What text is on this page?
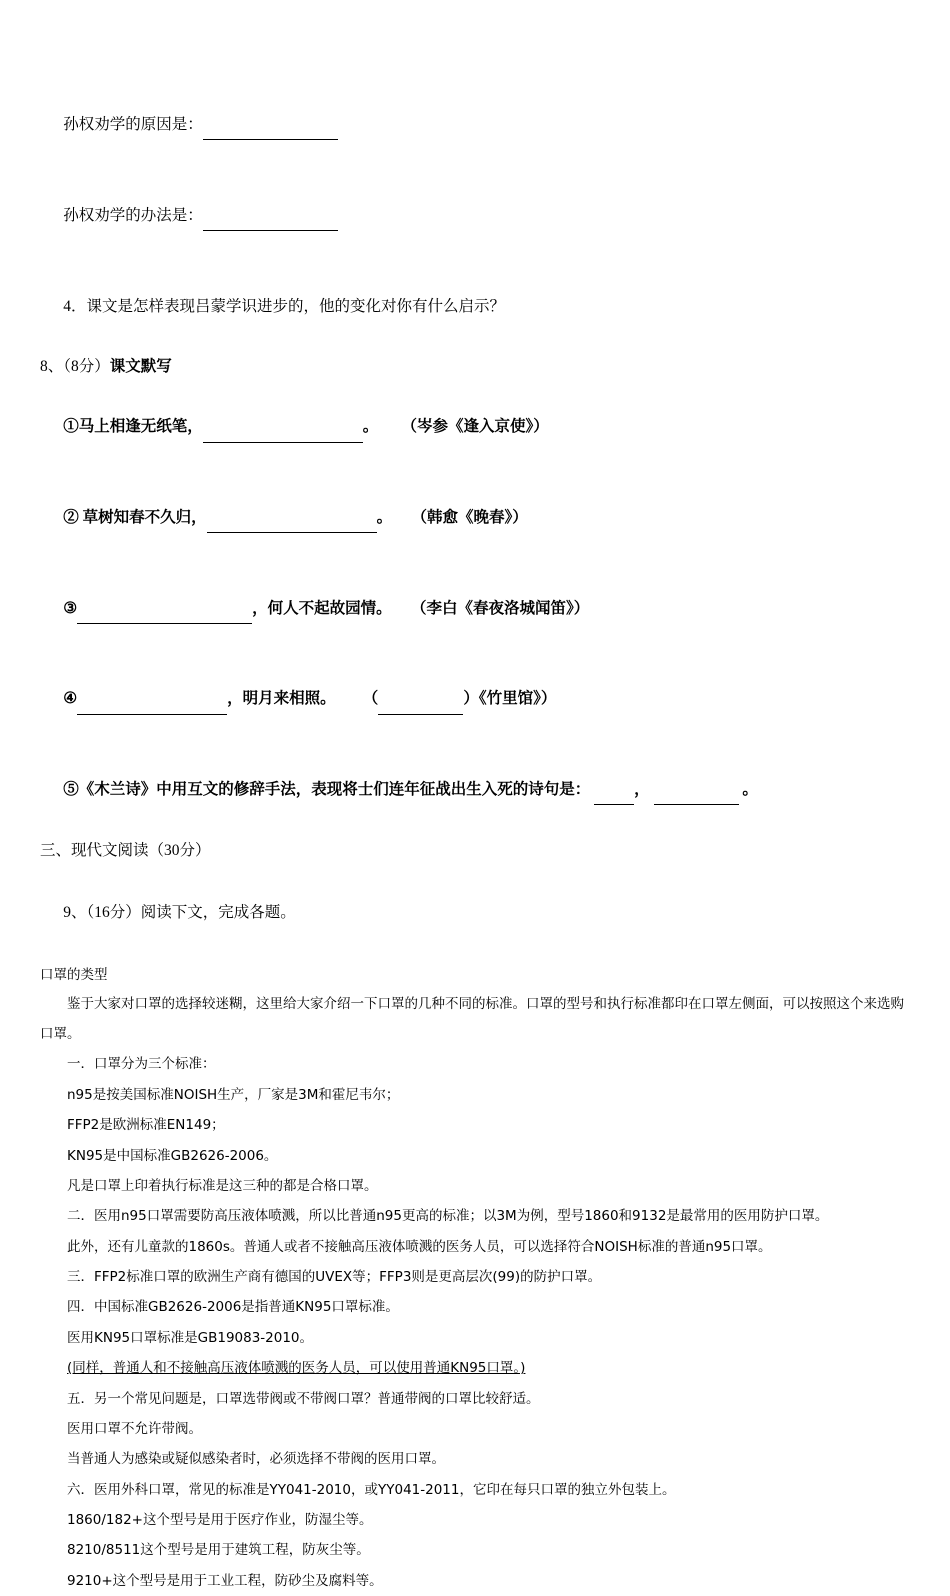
孙权劝学的原因是：

孙权劝学的办法是：

4．课文是怎样表现吕蒙学识进步的，他的变化对你有什么启示？

8、（8分）课文默写

①马上相逢无纸笔，	。 （岑参《逢入京使》）

② 草树知春不久归，	。 （韩愈《晚春》）

③	，何人不起故园情。 （李白《春夜洛城闻笛》）

④	，明月来相照。 （	）《竹里馆》）

⑤《木兰诗》中用互文的修辞手法，表现将士们连年征战出生入死的诗句是：	，	。

三、现代文阅读（30分）

9、（16分）阅读下文，完成各题。

口罩的类型
鉴于大家对口罩的选择较迷糊，这里给大家介绍一下口罩的几种不同的标准。口罩的型号和执行标准都印在口罩左侧面，可以按照这个来选购口罩。
一．口罩分为三个标准：
n95是按美国标准NOISH生产，厂家是3M和霍尼韦尔；
FFP2是欧洲标准EN149；
KN95是中国标准GB2626-2006。
凡是口罩上印着执行标准是这三种的都是合格口罩。
二．医用n95口罩需要防高压液体喷溅，所以比普通n95更高的标准；以3M为例，型号1860和9132是最常用的医用防护口罩。
此外，还有儿童款的1860s。普通人或者不接触高压液体喷溅的医务人员，可以选择符合NOISH标准的普通n95口罩。
三．FFP2标准口罩的欧洲生产商有德国的UVEX等；FFP3则是更高层次(99)的防护口罩。
四．中国标准GB2626-2006是指普通KN95口罩标准。
医用KN95口罩标准是GB19083-2010。
(同样，普通人和不接触高压液体喷溅的医务人员，可以使用普通KN95口罩。)
五．另一个常见问题是，口罩选带阀或不带阀口罩？普通带阀的口罩比较舒适。
医用口罩不允许带阀。
当普通人为感染或疑似感染者时，必须选择不带阀的医用口罩。
六．医用外科口罩，常见的标准是YY041-2010，或YY041-2011，它印在每只口罩的独立外包装上。
1860/182+这个型号是用于医疗作业，防湿尘等。
8210/8511这个型号是用于建筑工程，防灰尘等。
9210+这个型号是用于工业工程，防砂尘及腐料等。
